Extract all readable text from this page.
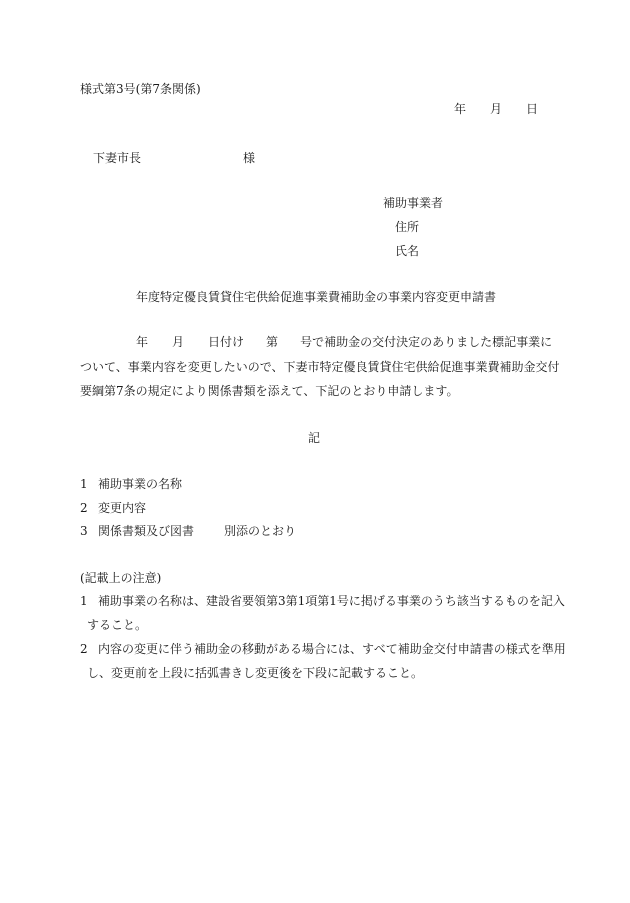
様式第3号(第7条関係)
年 月 日
下妻市長	様
補助事業者
住所
氏名
年度特定優良賃貸住宅供給促進事業費補助金の事業内容変更申請書
年 月 日付け 第 号で補助金の交付決定のありました標記事業に
ついて、事業内容を変更したいので、下妻市特定優良賃貸住宅供給促進事業費補助金交付
要綱第7条の規定により関係書類を添えて、下記のとおり申請します。
記
1 補助事業の名称
2 変更内容
3 関係書類及び図書 別添のとおり
(記載上の注意)
1 補助事業の名称は、建設省要領第3第1項第1号に掲げる事業のうち該当するものを記入
すること。
2 内容の変更に伴う補助金の移動がある場合には、すべて補助金交付申請書の様式を準用
し、変更前を上段に括弧書きし変更後を下段に記載すること。
